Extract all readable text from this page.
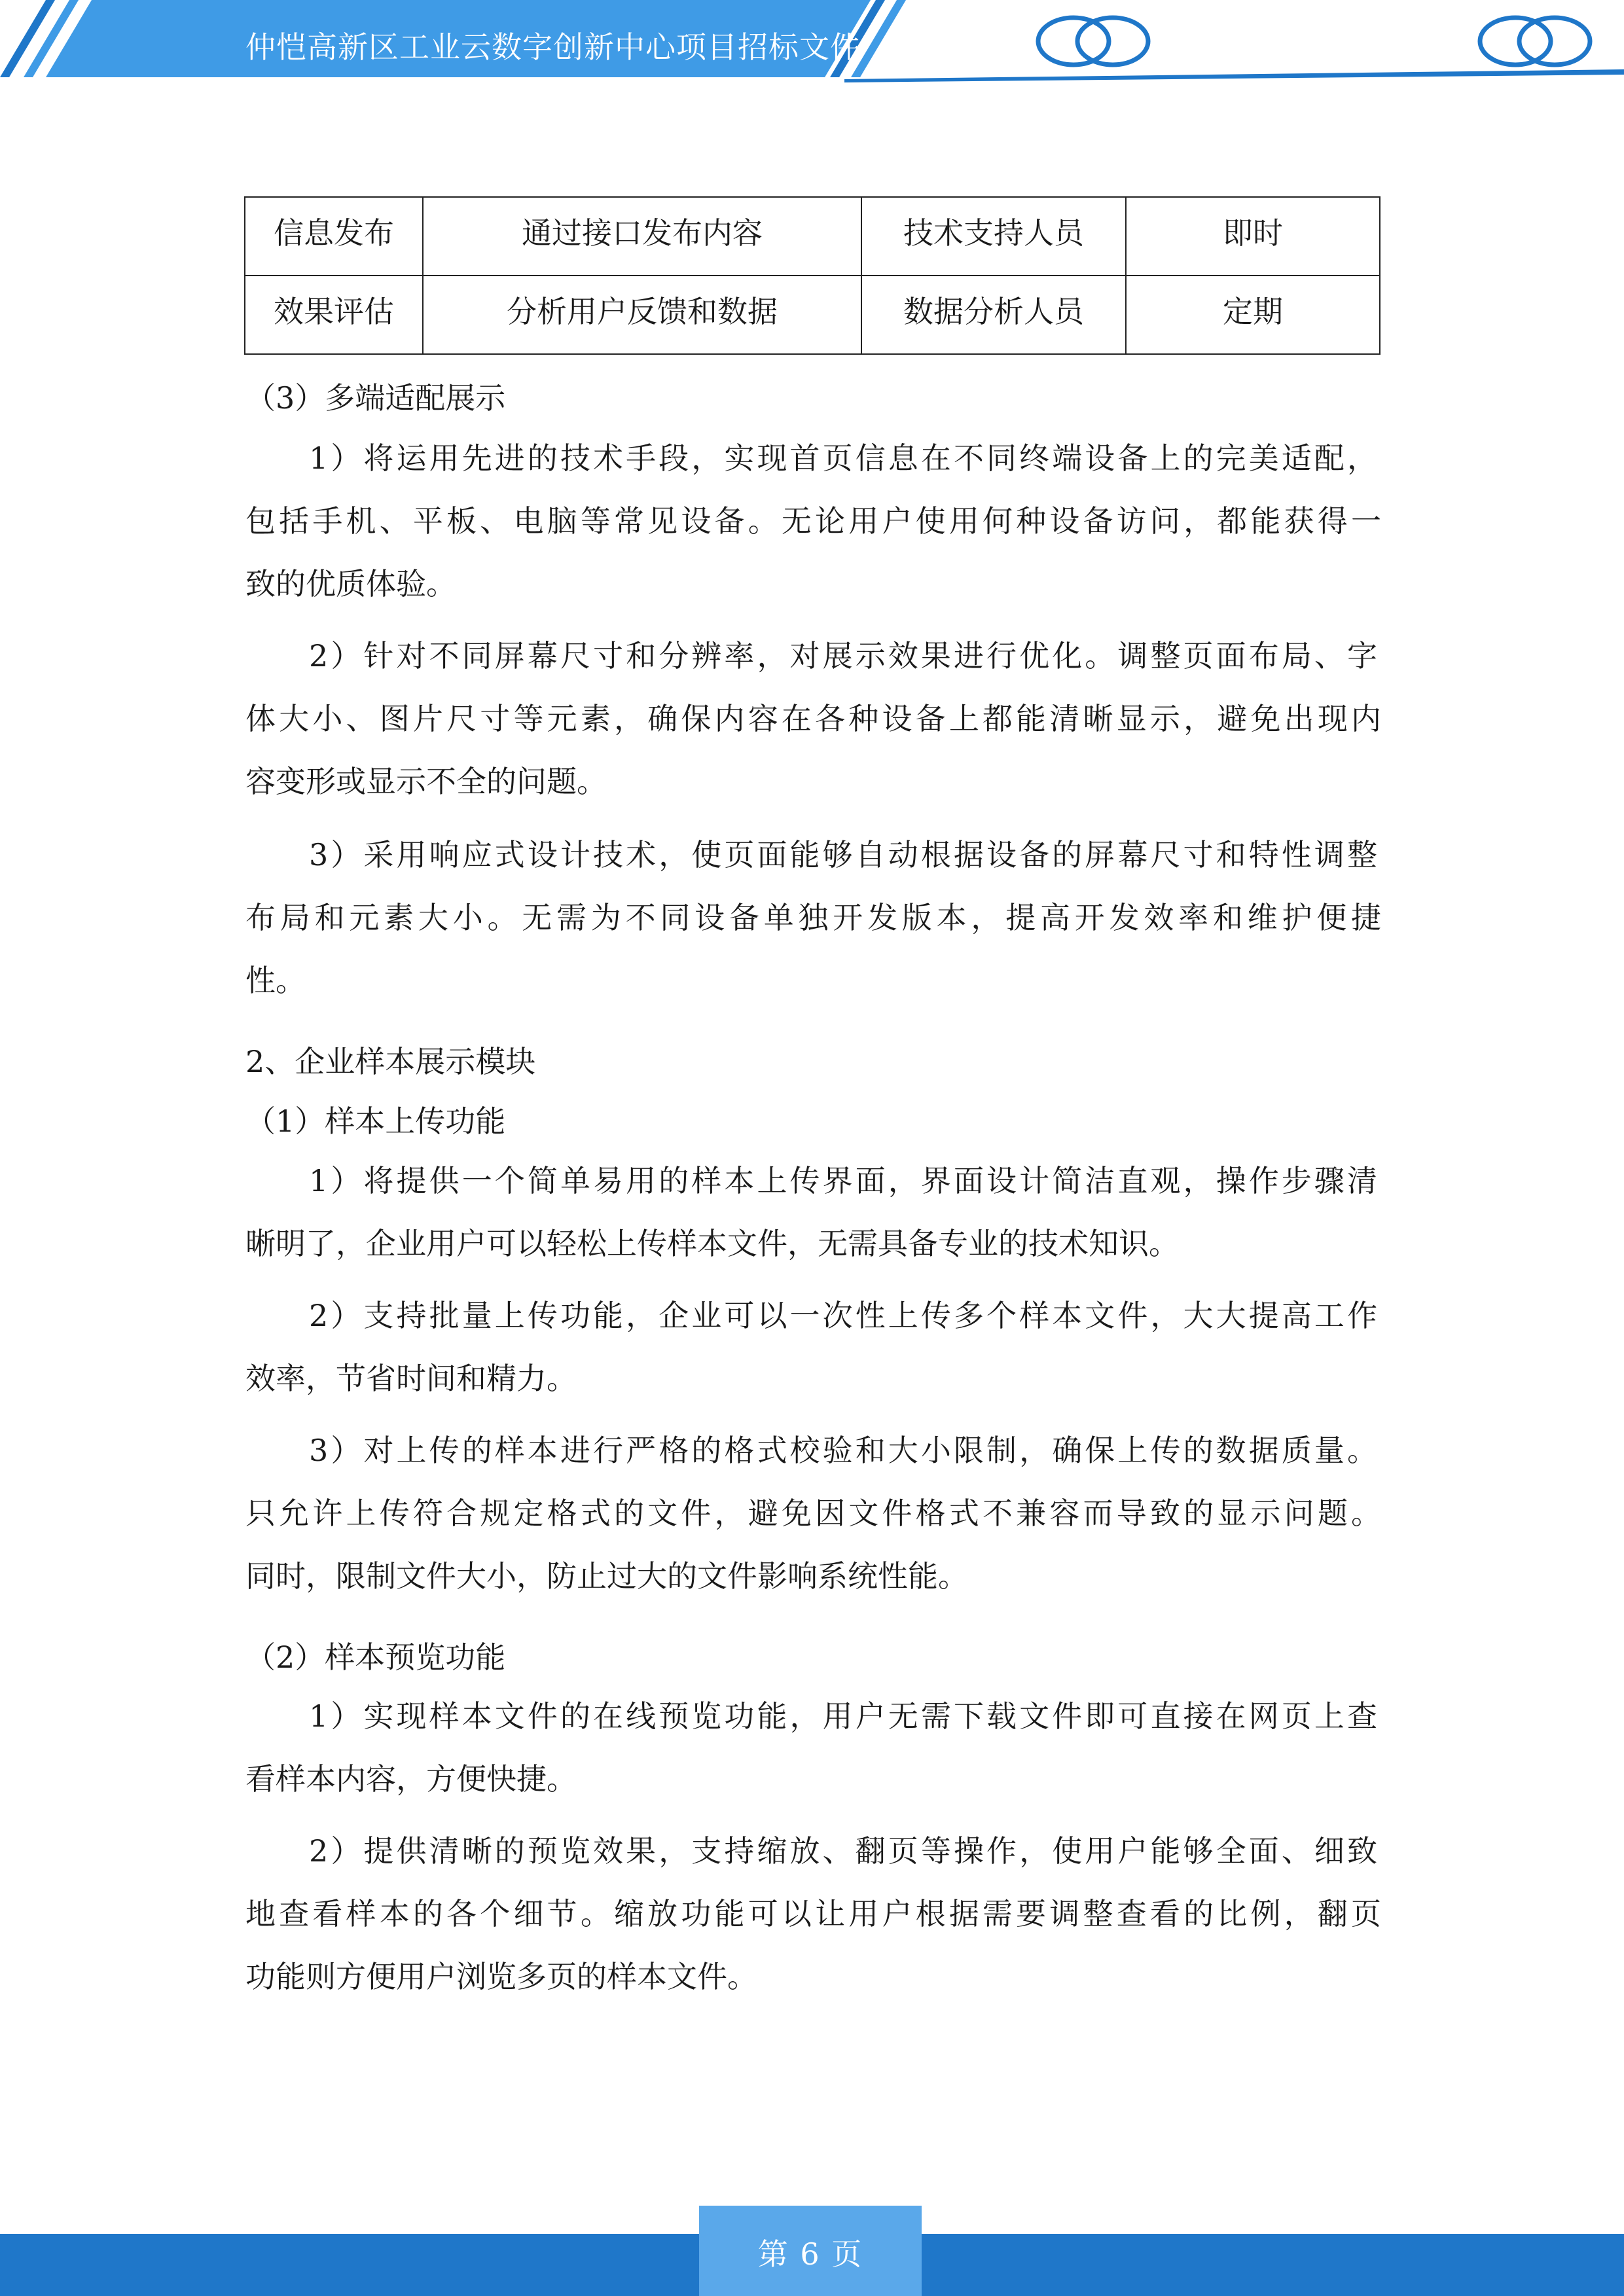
仲恺高新区工业云数字创新中心项目招标文件
信息发布	通过接口发布内容	技术支持人员	即时
效果评估	分析用户反馈和数据	数据分析人员	定期
（3）多端适配展示
1）将运用先进的技术手段，实现首页信息在不同终端设备上的完美适配，
包括手机、平板、电脑等常见设备。无论用户使用何种设备访问，都能获得一
致的优质体验。
2）针对不同屏幕尺寸和分辨率，对展示效果进行优化。调整页面布局、字
体大小、图片尺寸等元素，确保内容在各种设备上都能清晰显示，避免出现内
容变形或显示不全的问题。
3）采用响应式设计技术，使页面能够自动根据设备的屏幕尺寸和特性调整
布局和元素大小。无需为不同设备单独开发版本，提高开发效率和维护便捷
性。
2、企业样本展示模块
（1）样本上传功能
1）将提供一个简单易用的样本上传界面，界面设计简洁直观，操作步骤清
晰明了，企业用户可以轻松上传样本文件，无需具备专业的技术知识。
2）支持批量上传功能，企业可以一次性上传多个样本文件，大大提高工作
效率，节省时间和精力。
3）对上传的样本进行严格的格式校验和大小限制，确保上传的数据质量。
只允许上传符合规定格式的文件，避免因文件格式不兼容而导致的显示问题。
同时，限制文件大小，防止过大的文件影响系统性能。
（2）样本预览功能
1）实现样本文件的在线预览功能，用户无需下载文件即可直接在网页上查
看样本内容，方便快捷。
2）提供清晰的预览效果，支持缩放、翻页等操作，使用户能够全面、细致
地查看样本的各个细节。缩放功能可以让用户根据需要调整查看的比例，翻页
功能则方便用户浏览多页的样本文件。
第 6 页
